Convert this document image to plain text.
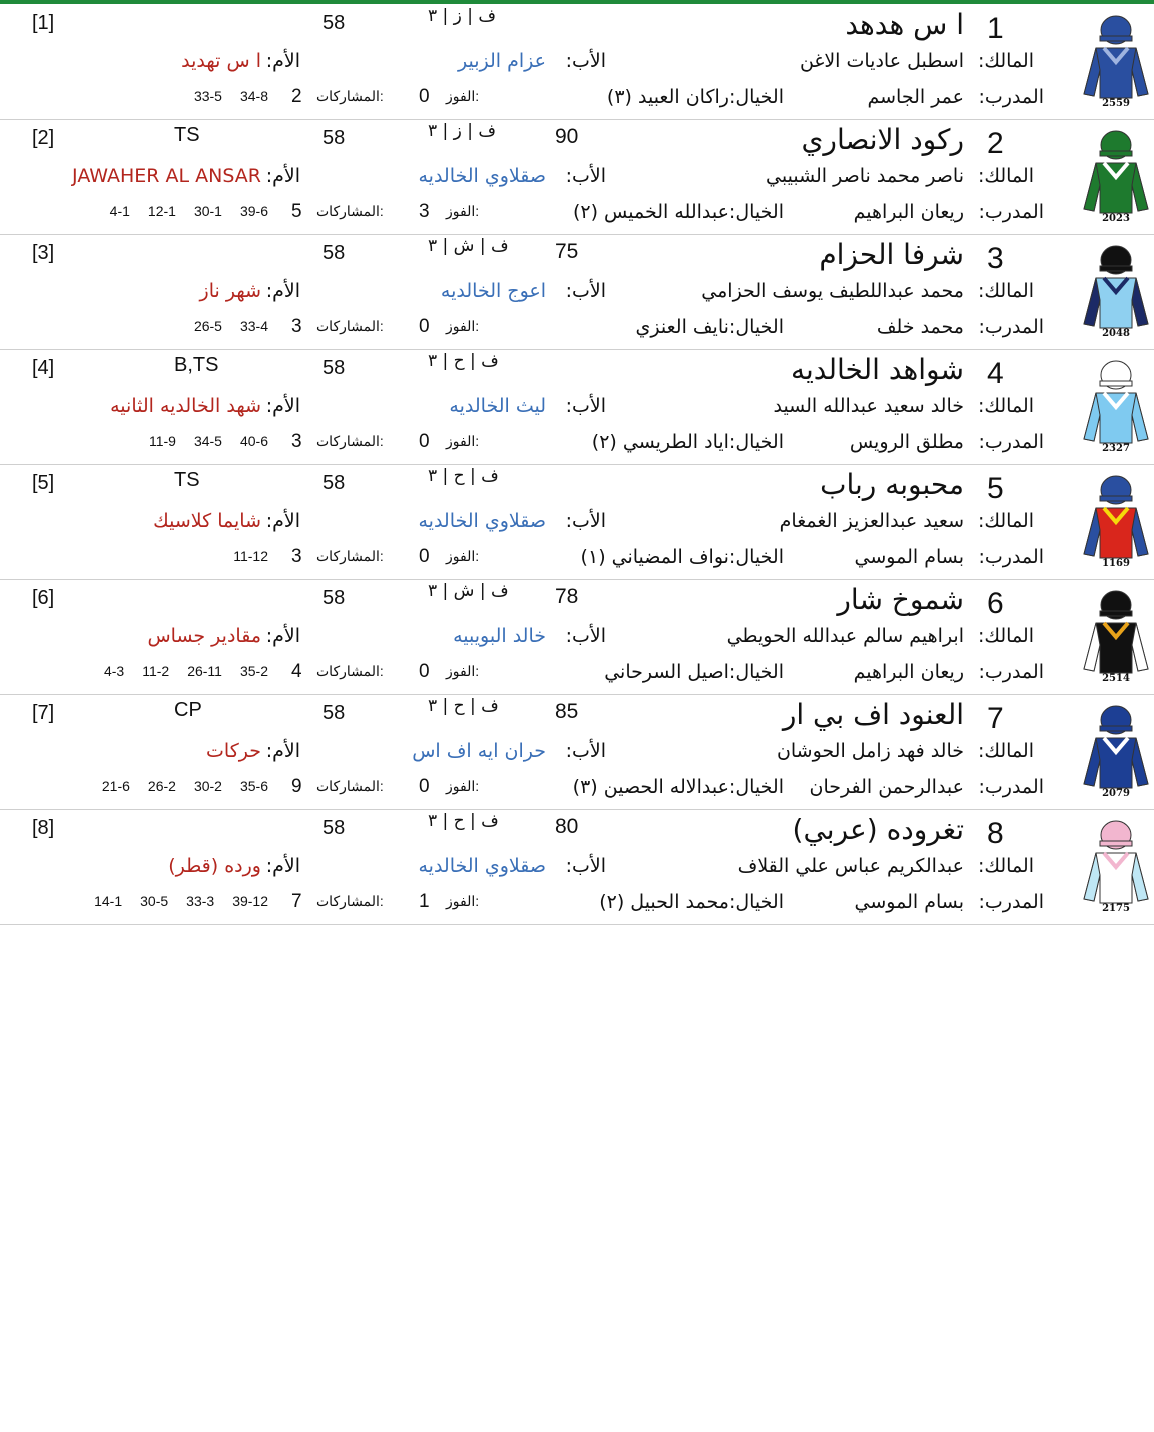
2559
1
ا س هدهد
ف | ز | ٣
58
[1]
المالك:
اسطبل عاديات الاغن
الأب:
عزام الزبير
الأم:
ا س تهديد
المدرب:
عمر الجاسم
الخيال:راكان العبيد (٣)
الفوز:
0
المشاركات:
2
34-833-5
2023
2
ركود الانصاري
90
ف | ز | ٣
58
TS
[2]
المالك:
ناصر محمد ناصر الشبيبي
الأب:
صقلاوي الخالديه
الأم:
JAWAHER AL ANSAR
المدرب:
ريعان البراهيم
الخيال:عبدالله الخميس (٢)
الفوز:
3
المشاركات:
5
39-630-112-14-1
2048
3
شرفا الحزام
75
ف | ش | ٣
58
[3]
المالك:
محمد عبداللطيف يوسف الحزامي
الأب:
اعوج الخالديه
الأم:
شهر ناز
المدرب:
محمد خلف
الخيال:نايف العنزي
الفوز:
0
المشاركات:
3
33-426-5
2327
4
شواهد الخالديه
ف | ح | ٣
58
B,TS
[4]
المالك:
خالد سعيد عبدالله السيد
الأب:
ليث الخالديه
الأم:
شهد الخالديه الثانيه
المدرب:
مطلق الرويس
الخيال:اياد الطريسي (٢)
الفوز:
0
المشاركات:
3
40-634-511-9
1169
5
محبوبه رباب
ف | ح | ٣
58
TS
[5]
المالك:
سعيد عبدالعزيز الغمغام
الأب:
صقلاوي الخالديه
الأم:
شايما كلاسيك
المدرب:
بسام الموسي
الخيال:نواف المضياني (١)
الفوز:
0
المشاركات:
3
11-12
2514
6
شموخ شار
78
ف | ش | ٣
58
[6]
المالك:
ابراهيم سالم عبدالله الحويطي
الأب:
خالد البويبيه
الأم:
مقادير جساس
المدرب:
ريعان البراهيم
الخيال:اصيل السرحاني
الفوز:
0
المشاركات:
4
35-226-1111-24-3
2079
7
العنود اف بي ار
85
ف | ح | ٣
58
CP
[7]
المالك:
خالد فهد زامل الحوشان
الأب:
حران ايه اف اس
الأم:
حركات
المدرب:
عبدالرحمن الفرحان
الخيال:عبدالاله الحصين (٣)
الفوز:
0
المشاركات:
9
35-630-226-221-6
2175
8
تغروده (عربي)
80
ف | ح | ٣
58
[8]
المالك:
عبدالكريم عباس علي القلاف
الأب:
صقلاوي الخالديه
الأم:
ورده (قطر)
المدرب:
بسام الموسي
الخيال:محمد الحبيل (٢)
الفوز:
1
المشاركات:
7
39-1233-330-514-1
